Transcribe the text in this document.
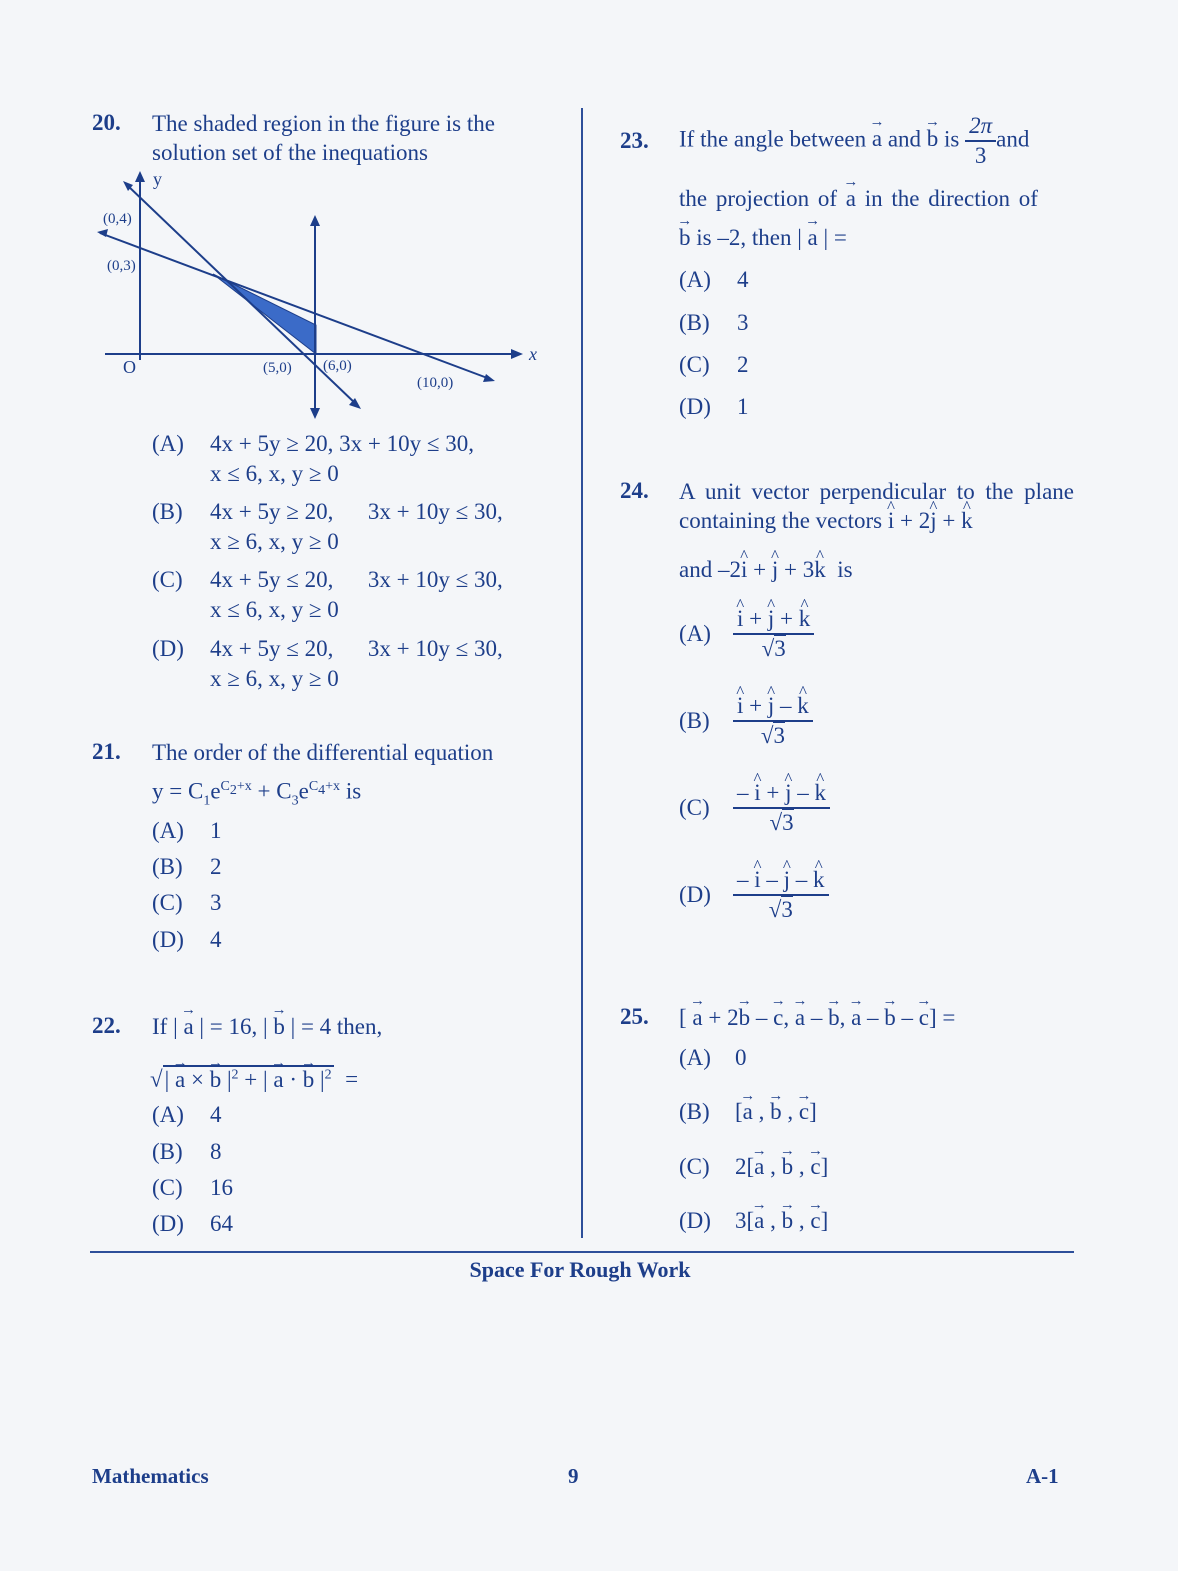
20. The shaded region in the figure is the solution set of the inequations
y
x
O
(0,4)
(0,3)
(5,0) (6,0)
(10,0)
(A) 4x + 5y ≥ 20, 3x + 10y ≤ 30,
x ≤ 6, x, y ≥ 0
(B) 4x + 5y ≥ 20,      3x + 10y ≤ 30,
x ≥ 6, x, y ≥ 0
(C) 4x + 5y ≤ 20,      3x + 10y ≤ 30,
x ≤ 6, x, y ≥ 0
(D) 4x + 5y ≤ 20,      3x + 10y ≤ 30,
x ≥ 6, x, y ≥ 0
21. The order of the differential equation
$y = C_1e^{C_2+x} + C_3e^{C_4+x}$ is
(A) 1
(B) 2
(C) 3
(D) 4
22. If | → a | = 16, | → b | = 4 then,
√| → a × → b $|^2$ + | → a · → b $|^2$  =
(A) 4
(B) 8
(C) 16
(D) 64
23. If the angle between → a and → b is $\frac{2\pi}{3}$ and
the projection of → a in the direction of
→ b is –2, then | → a | =
(A) 4
(B) 3
(C) 2
(D) 1
24. A unit vector perpendicular to the plane containing the vectors ^ i + 2^ j + ^ k
and –2^ i + ^ j + 3^ k  is
(A) ^ $\frac{i + \^{} j + \^{} k}{√3}$
(B) ^ $\frac{i + \^{} j - \^{} k}{√3}$
$(C) \frac{- \^{} i + \^{} j - \^{} k}{√3}$
$(D) \frac{- \^{} i - \^{} j - \^{} k}{√3}$
25. [ → a + 2→ b – → c, → a – → b, → a – → b – → c] =
(A) 0
(B) [→ a , → b , → c]
(C) 2[→ a , → b , → c]
(D) 3[→ a , → b , → c]
Space For Rough Work
Mathematics	9	A-1
